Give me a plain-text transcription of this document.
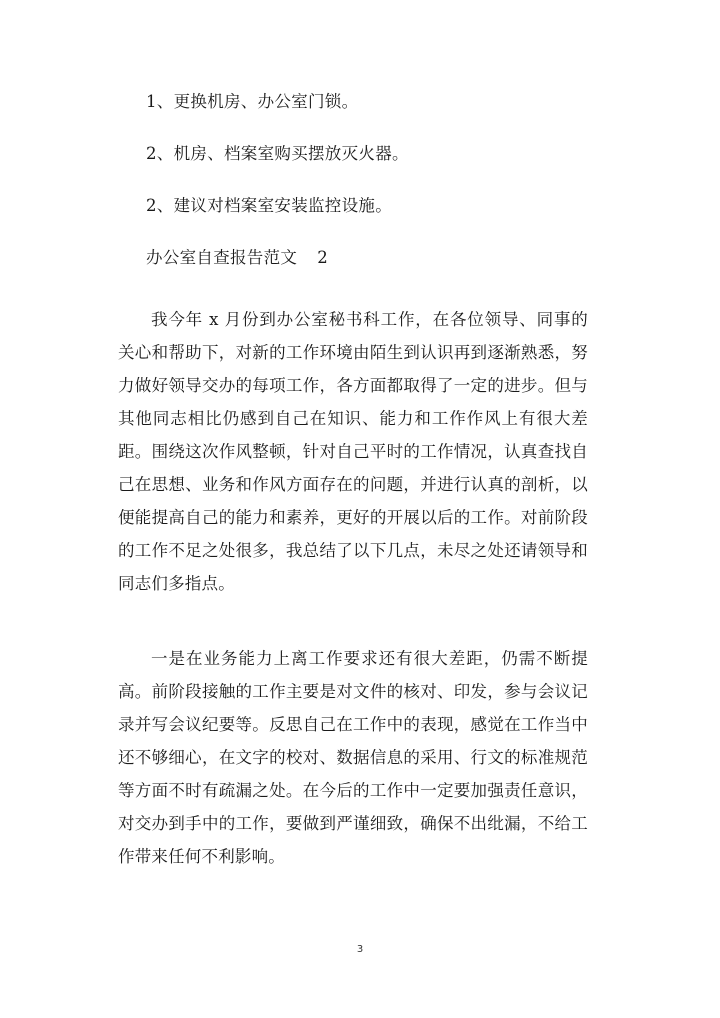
1、更换机房、办公室门锁。
2、机房、档案室购买摆放灭火器。
2、建议对档案室安装监控设施。
办公室自查报告范文 2
我今年 x 月份到办公室秘书科工作，在各位领导、同事的关心和帮助下，对新的工作环境由陌生到认识再到逐渐熟悉，努力做好领导交办的每项工作，各方面都取得了一定的进步。但与其他同志相比仍感到自己在知识、能力和工作作风上有很大差距。围绕这次作风整顿，针对自己平时的工作情况，认真查找自己在思想、业务和作风方面存在的问题，并进行认真的剖析，以便能提高自己的能力和素养，更好的开展以后的工作。对前阶段的工作不足之处很多，我总结了以下几点，未尽之处还请领导和同志们多指点。
一是在业务能力上离工作要求还有很大差距，仍需不断提高。前阶段接触的工作主要是对文件的核对、印发，参与会议记录并写会议纪要等。反思自己在工作中的表现，感觉在工作当中还不够细心，在文字的校对、数据信息的采用、行文的标准规范等方面不时有疏漏之处。在今后的工作中一定要加强责任意识，对交办到手中的工作，要做到严谨细致，确保不出纰漏，不给工作带来任何不利影响。
3
